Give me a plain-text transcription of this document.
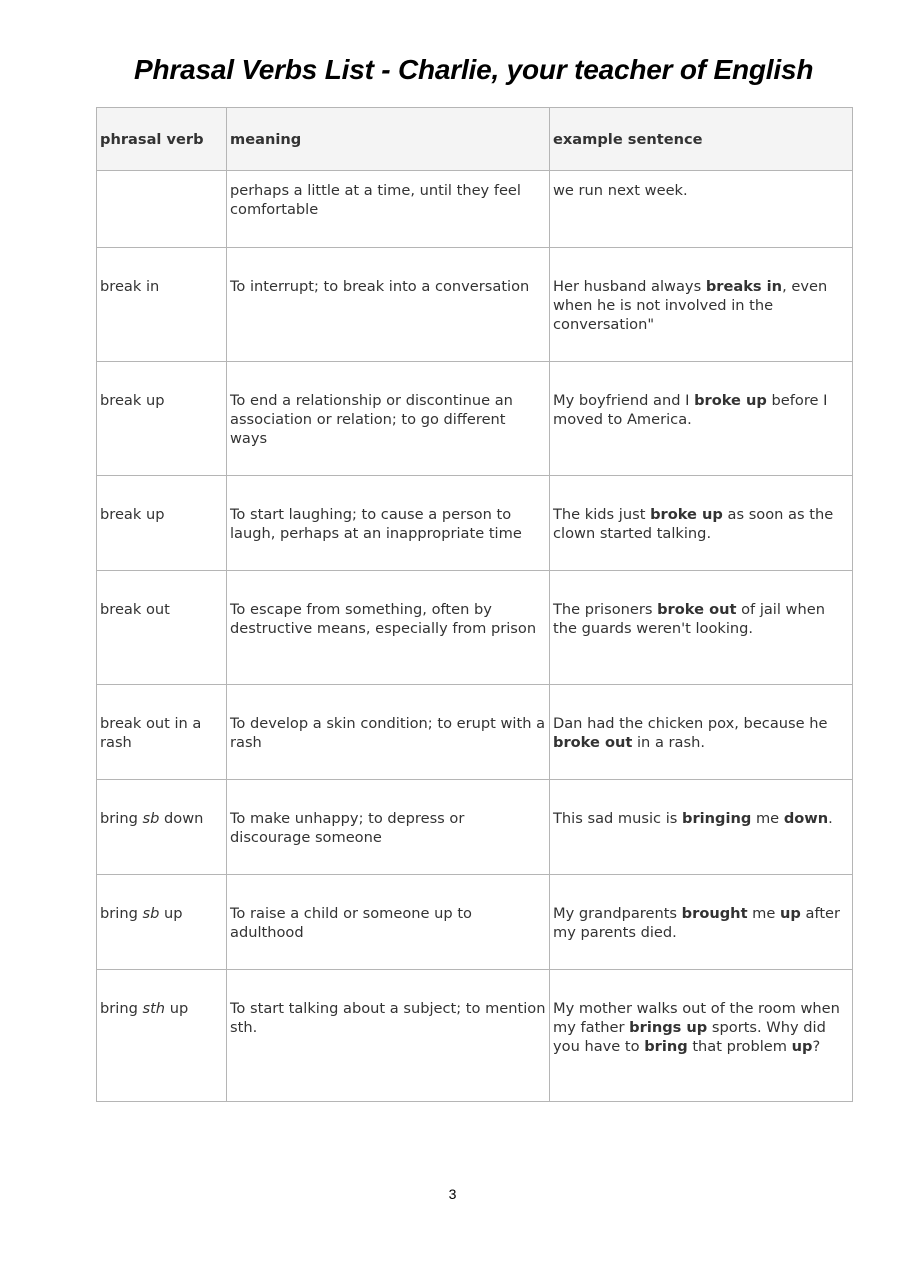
Phrasal Verbs List - Charlie, your teacher of English
phrasal verb	meaning	example sentence
	perhaps a little at a time, until they feel comfortable	we run next week.
break in	To interrupt; to break into a conversation	Her husband always breaks in, even when he is not involved in the conversation"
break up	To end a relationship or discontinue an association or relation; to go different ways	My boyfriend and I broke up before I moved to America.
break up	To start laughing; to cause a person to laugh, perhaps at an inappropriate time	The kids just broke up as soon as the clown started talking.
break out	To escape from something, often by destructive means, especially from prison	The prisoners broke out of jail when the guards weren't looking.
break out in a rash	To develop a skin condition; to erupt with a rash	Dan had the chicken pox, because he broke out in a rash.
bring sb down	To make unhappy; to depress or discourage someone	This sad music is bringing me down.
bring sb up	To raise a child or someone up to adulthood	My grandparents brought me up after my parents died.
bring sth up	To start talking about a subject; to mention sth.	My mother walks out of the room when my father brings up sports. Why did you have to bring that problem up?
3
